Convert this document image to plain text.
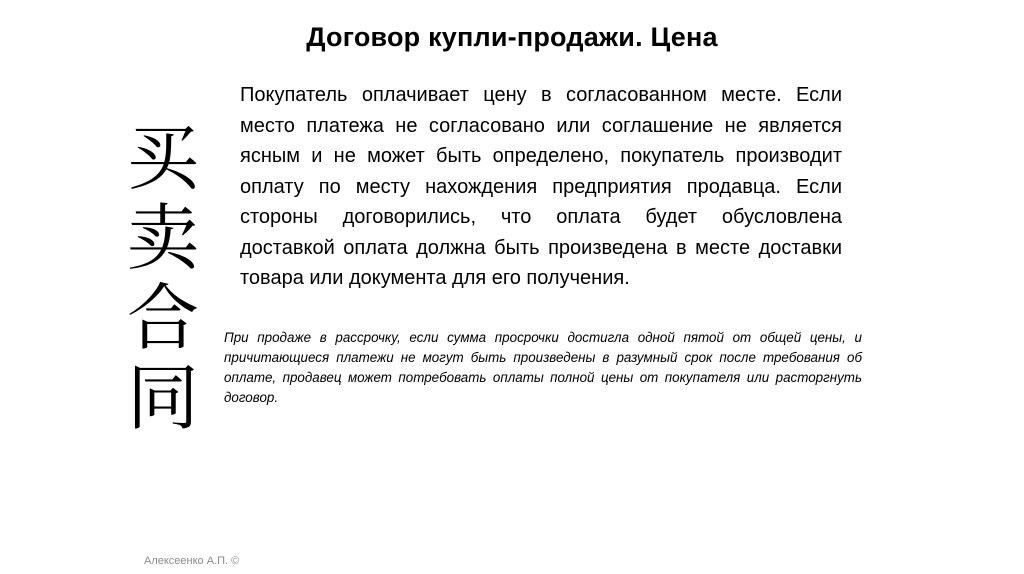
Договор купли-продажи. Цена
买
卖
合
同

Покупатель оплачивает цену в согласованном месте. Если место платежа не согласовано или соглашение не является ясным и не может быть определено, покупатель производит оплату по месту нахождения предприятия продавца. Если стороны договорились, что оплата будет обусловлена доставкой оплата должна быть произведена в месте доставки товара или документа для его получения.

При продаже в рассрочку, если сумма просрочки достигла одной пятой от общей цены, и причитающиеся платежи не могут быть произведены в разумный срок после требования об оплате, продавец может потребовать оплаты полной цены от покупателя или расторгнуть договор.

Алексеенко А.П. ©
